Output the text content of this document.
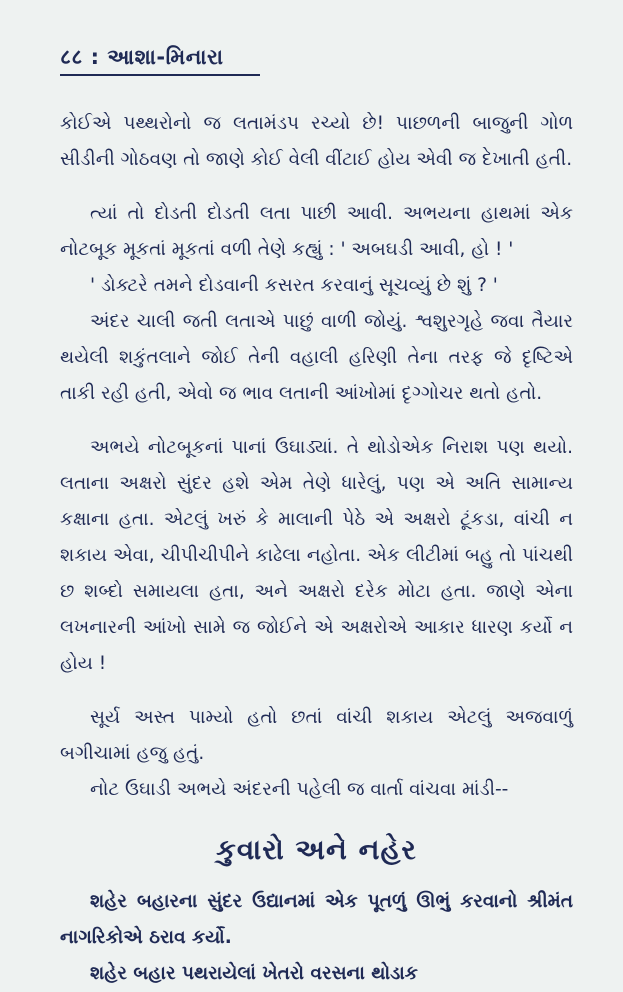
८८ : આશા-મિનારા

કોઈએ પથ્થરોનો જ લતામંડપ રચ્યો છે! પાછળની બાજુની ગોળ સીડીની ગોઠવણ તો જાણે કોઈ વેલી વીંટાઈ હોય એવી જ દેખાતી હતી.

ત્યાં તો દોડતી દોડતી લતા પાછી આવી. અભયના હાથમાં એક નોટબૂક મૂકતાં મૂકતાં વળી તેણે કહ્યું : ' અબઘડી આવી, હો ! '

' ડોક્ટરે તમને દોડવાની કસરત કરવાનું સૂચવ્યું છે શું ? '

અંદર ચાલી જતી લતાએ પાછું વાળી જોયું. શ્વશુરગૃહે જવા તૈયાર થયેલી શકુંતલાને જોઈ તેની વહાલી હરિણી તેના તરફ જે દૃષ્ટિએ તાકી રહી હતી, એવો જ ભાવ લતાની આંખોમાં દૃગ્ગોચર થતો હતો.

અભયે નોટબૂકનાં પાનાં ઉઘાડ્યાં. તે થોડોએક નિરાશ પણ થયો. લતાના અક્ષરો સુંદર હશે એમ તેણે ધારેલું, પણ એ અતિ સામાન્ય કક્ષાના હતા. એટલું ખરું કે માલાની પેઠે એ અક્ષરો ટૂંકડા, વાંચી ન શકાય એવા, ચીપીચીપીને કાઢેલા નહોતા. એક લીટીમાં બહુ તો પાંચથી છ શબ્દો સમાયલા હતા, અને અક્ષરો દરેક મોટા હતા. જાણે એના લખનારની આંખો સામે જ જોઈને એ અક્ષરોએ આકાર ધારણ કર્યો ન હોય !

સૂર્ય અસ્ત પામ્યો હતો છતાં વાંચી શકાય એટલું અજવાળું બગીચામાં હજુ હતું.

નોટ ઉઘાડી અભયે અંદરની પહેલી જ વાર્તા વાંચવા માંડી--

કુવારો અને નહેર

શહેર બહારના સુંદર ઉદ્યાનમાં એક પૂતળું ઊભું કરવાનો શ્રીમંત નાગરિકોએ ઠરાવ કર્યો.

શહેર બહાર પથરાયેલાં ખેતરો વરસના થોડાક
